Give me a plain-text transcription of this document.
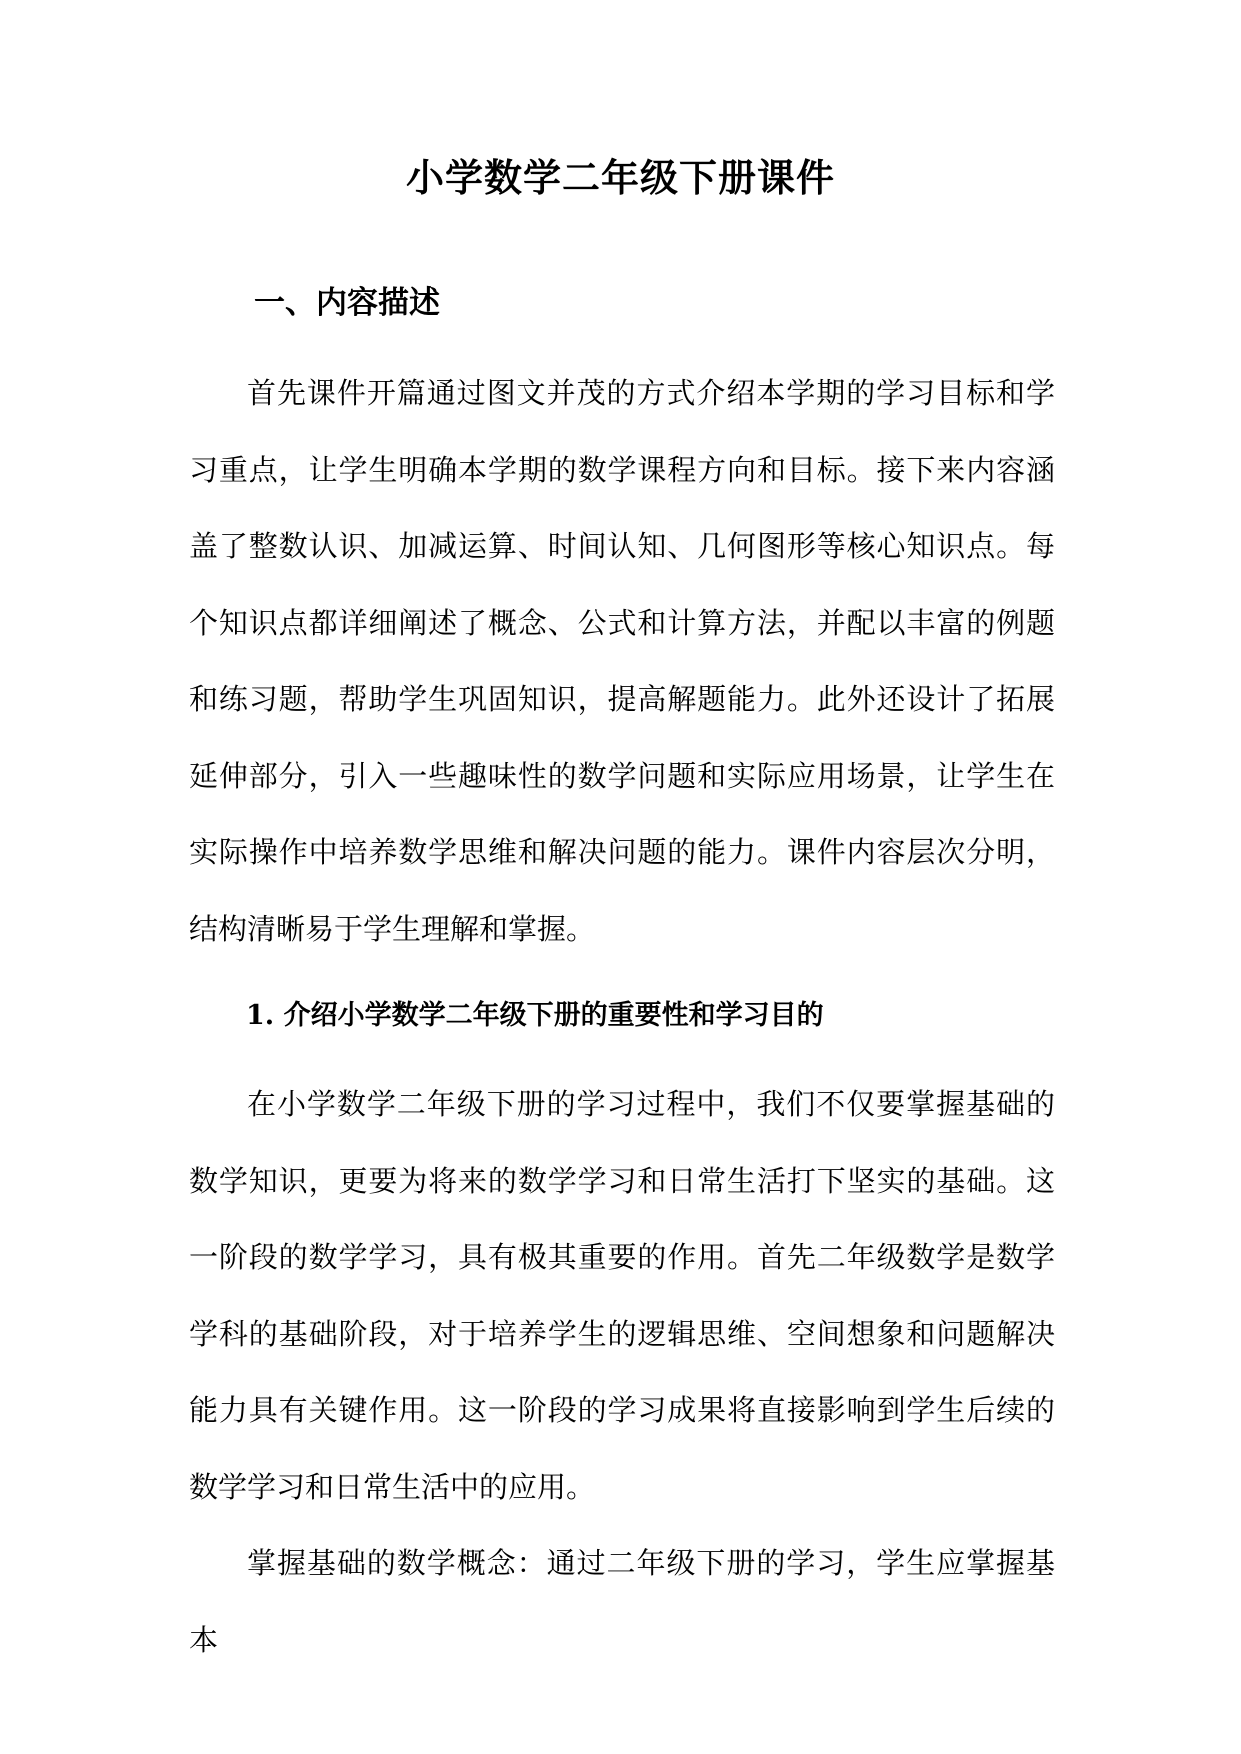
小学数学二年级下册课件
一、内容描述

首先课件开篇通过图文并茂的方式介绍本学期的学习目标和学习重点，让学生明确本学期的数学课程方向和目标。接下来内容涵盖了整数认识、加减运算、时间认知、几何图形等核心知识点。每个知识点都详细阐述了概念、公式和计算方法，并配以丰富的例题和练习题，帮助学生巩固知识，提高解题能力。此外还设计了拓展延伸部分，引入一些趣味性的数学问题和实际应用场景，让学生在实际操作中培养数学思维和解决问题的能力。课件内容层次分明，结构清晰易于学生理解和掌握。

1. 介绍小学数学二年级下册的重要性和学习目的

在小学数学二年级下册的学习过程中，我们不仅要掌握基础的数学知识，更要为将来的数学学习和日常生活打下坚实的基础。这一阶段的数学学习，具有极其重要的作用。首先二年级数学是数学学科的基础阶段，对于培养学生的逻辑思维、空间想象和问题解决能力具有关键作用。这一阶段的学习成果将直接影响到学生后续的数学学习和日常生活中的应用。

掌握基础的数学概念：通过二年级下册的学习，学生应掌握基本
